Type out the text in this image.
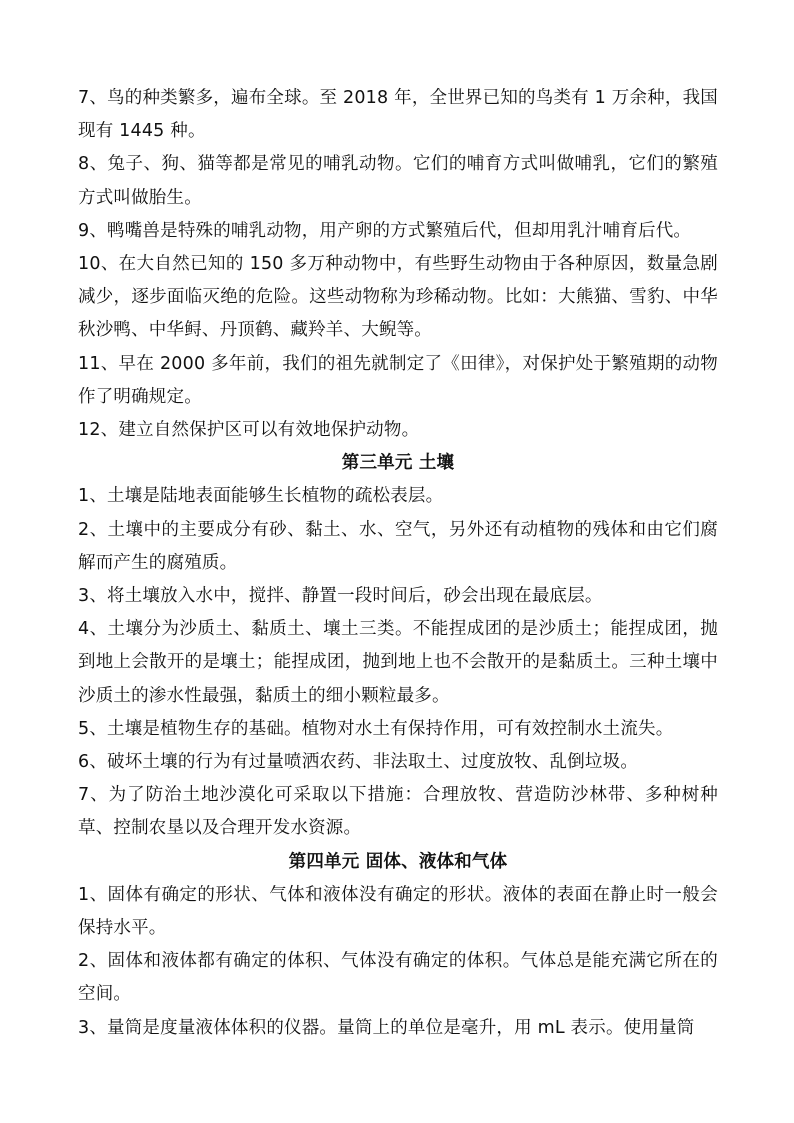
7、鸟的种类繁多，遍布全球。至 2018 年，全世界已知的鸟类有 1 万余种，我国现有 1445 种。

8、兔子、狗、猫等都是常见的哺乳动物。它们的哺育方式叫做哺乳，它们的繁殖方式叫做胎生。

9、鸭嘴兽是特殊的哺乳动物，用产卵的方式繁殖后代，但却用乳汁哺育后代。

10、在大自然已知的 150 多万种动物中，有些野生动物由于各种原因，数量急剧减少，逐步面临灭绝的危险。这些动物称为珍稀动物。比如：大熊猫、雪豹、中华秋沙鸭、中华鲟、丹顶鹤、藏羚羊、大鲵等。

11、早在 2000 多年前，我们的祖先就制定了《田律》，对保护处于繁殖期的动物作了明确规定。

12、建立自然保护区可以有效地保护动物。

第三单元 土壤

1、土壤是陆地表面能够生长植物的疏松表层。

2、土壤中的主要成分有砂、黏土、水、空气，另外还有动植物的残体和由它们腐解而产生的腐殖质。

3、将土壤放入水中，搅拌、静置一段时间后，砂会出现在最底层。

4、土壤分为沙质土、黏质土、壤土三类。不能捏成团的是沙质土；能捏成团，抛到地上会散开的是壤土；能捏成团，抛到地上也不会散开的是黏质土。三种土壤中沙质土的渗水性最强，黏质土的细小颗粒最多。

5、土壤是植物生存的基础。植物对水土有保持作用，可有效控制水土流失。

6、破坏土壤的行为有过量喷洒农药、非法取土、过度放牧、乱倒垃圾。

7、为了防治土地沙漠化可采取以下措施：合理放牧、营造防沙林带、多种树种草、控制农垦以及合理开发水资源。

第四单元 固体、液体和气体

1、固体有确定的形状、气体和液体没有确定的形状。液体的表面在静止时一般会保持水平。

2、固体和液体都有确定的体积、气体没有确定的体积。气体总是能充满它所在的空间。

3、量筒是度量液体体积的仪器。量筒上的单位是毫升，用 mL 表示。使用量筒
